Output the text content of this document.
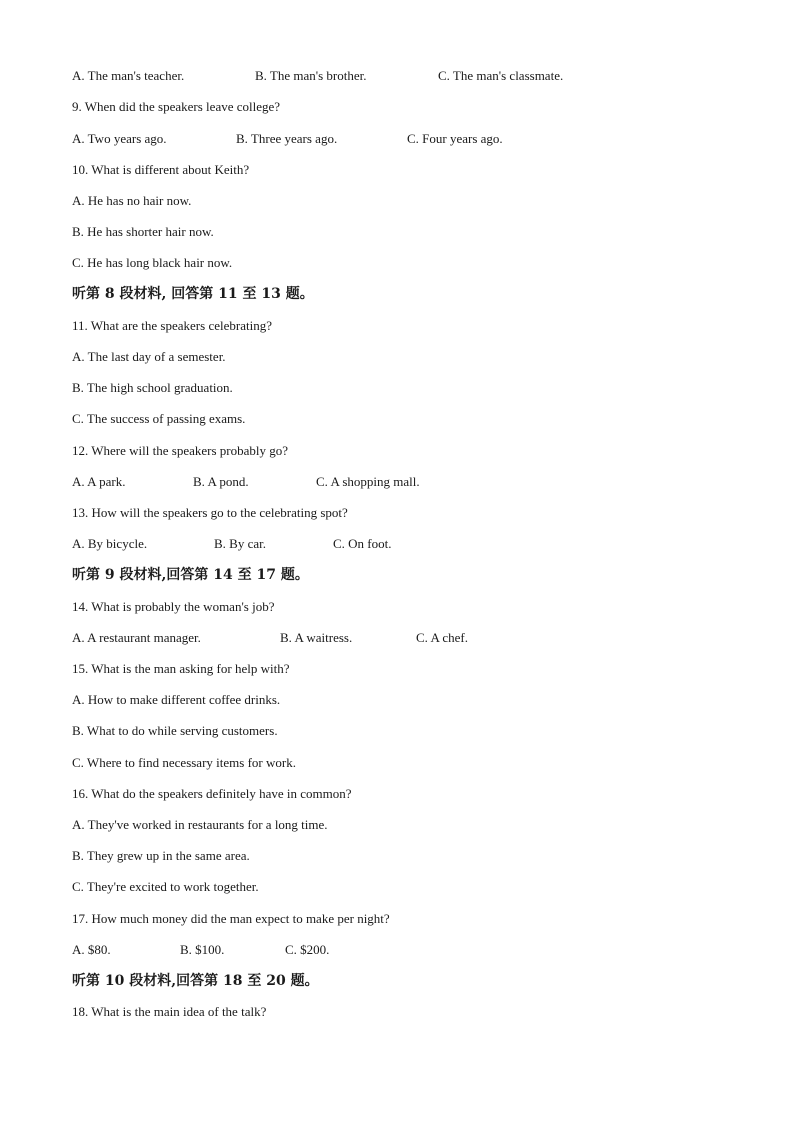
A. The man's teacher.	B. The man's brother.	C. The man's classmate.
9. When did the speakers leave college?
A. Two years ago.	B. Three years ago.	C. Four years ago.
10. What is different about Keith?
A. He has no hair now.
B. He has shorter hair now.
C. He has long black hair now.
听第 8 段材料, 回答第 11 至 13 题。
11. What are the speakers celebrating?
A. The last day of a semester.
B. The high school graduation.
C. The success of passing exams.
12. Where will the speakers probably go?
A. A park.	B. A pond.	C. A shopping mall.
13. How will the speakers go to the celebrating spot?
A. By bicycle.	B. By car.	C. On foot.
听第 9 段材料,回答第 14 至 17 题。
14. What is probably the woman's job?
A. A restaurant manager.	B. A waitress.	C. A chef.
15. What is the man asking for help with?
A. How to make different coffee drinks.
B. What to do while serving customers.
C. Where to find necessary items for work.
16. What do the speakers definitely have in common?
A. They've worked in restaurants for a long time.
B. They grew up in the same area.
C. They're excited to work together.
17. How much money did the man expect to make per night?
A. $80.	B. $100.	C. $200.
听第 10 段材料,回答第 18 至 20 题。
18. What is the main idea of the talk?
